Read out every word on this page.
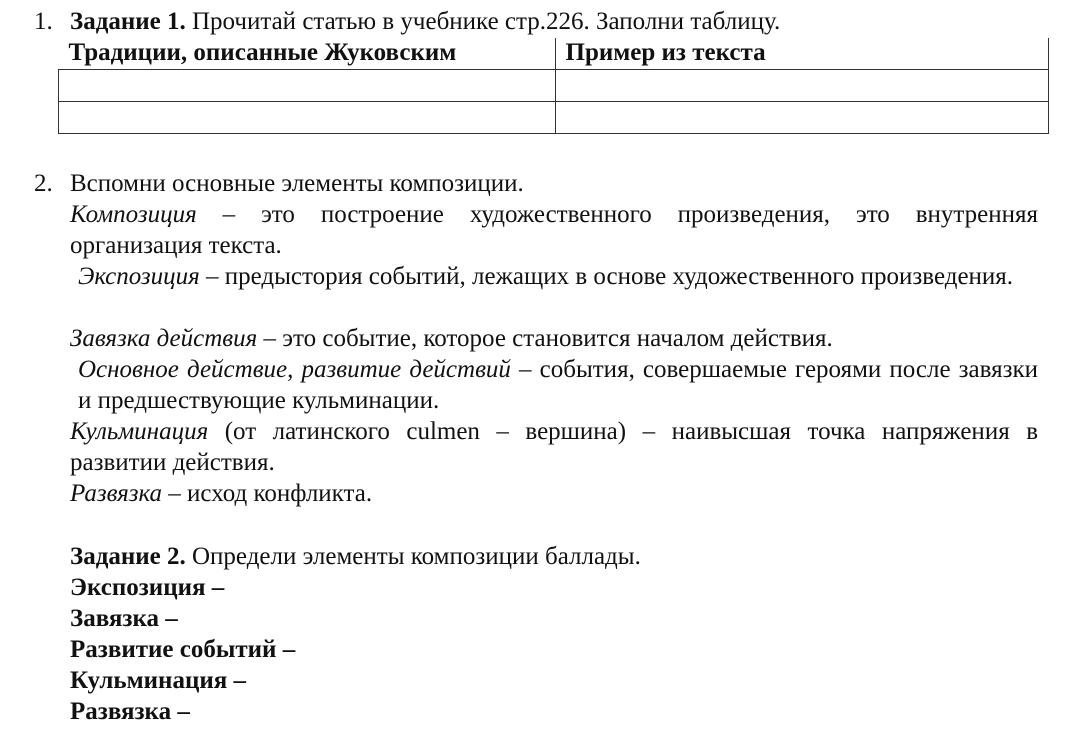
1. Задание 1. Прочитай статью в учебнике стр.226. Заполни таблицу.
Традиции, описанные Жуковским	Пример из текста

2. Вспомни основные элементы композиции.
Композиция – это построение художественного произведения, это внутренняя организация текста.
Экспозиция – предыстория событий, лежащих в основе художественного произведения.
Завязка действия – это событие, которое становится началом действия.
Основное действие, развитие действий – события, совершаемые героями после завязки и предшествующие кульминации.
Кульминация (от латинского culmen – вершина) – наивысшая точка напряжения в развитии действия.
Развязка – исход конфликта.
Задание 2. Определи элементы композиции баллады.
Экспозиция –
Завязка –
Развитие событий –
Кульминация –
Развязка –
